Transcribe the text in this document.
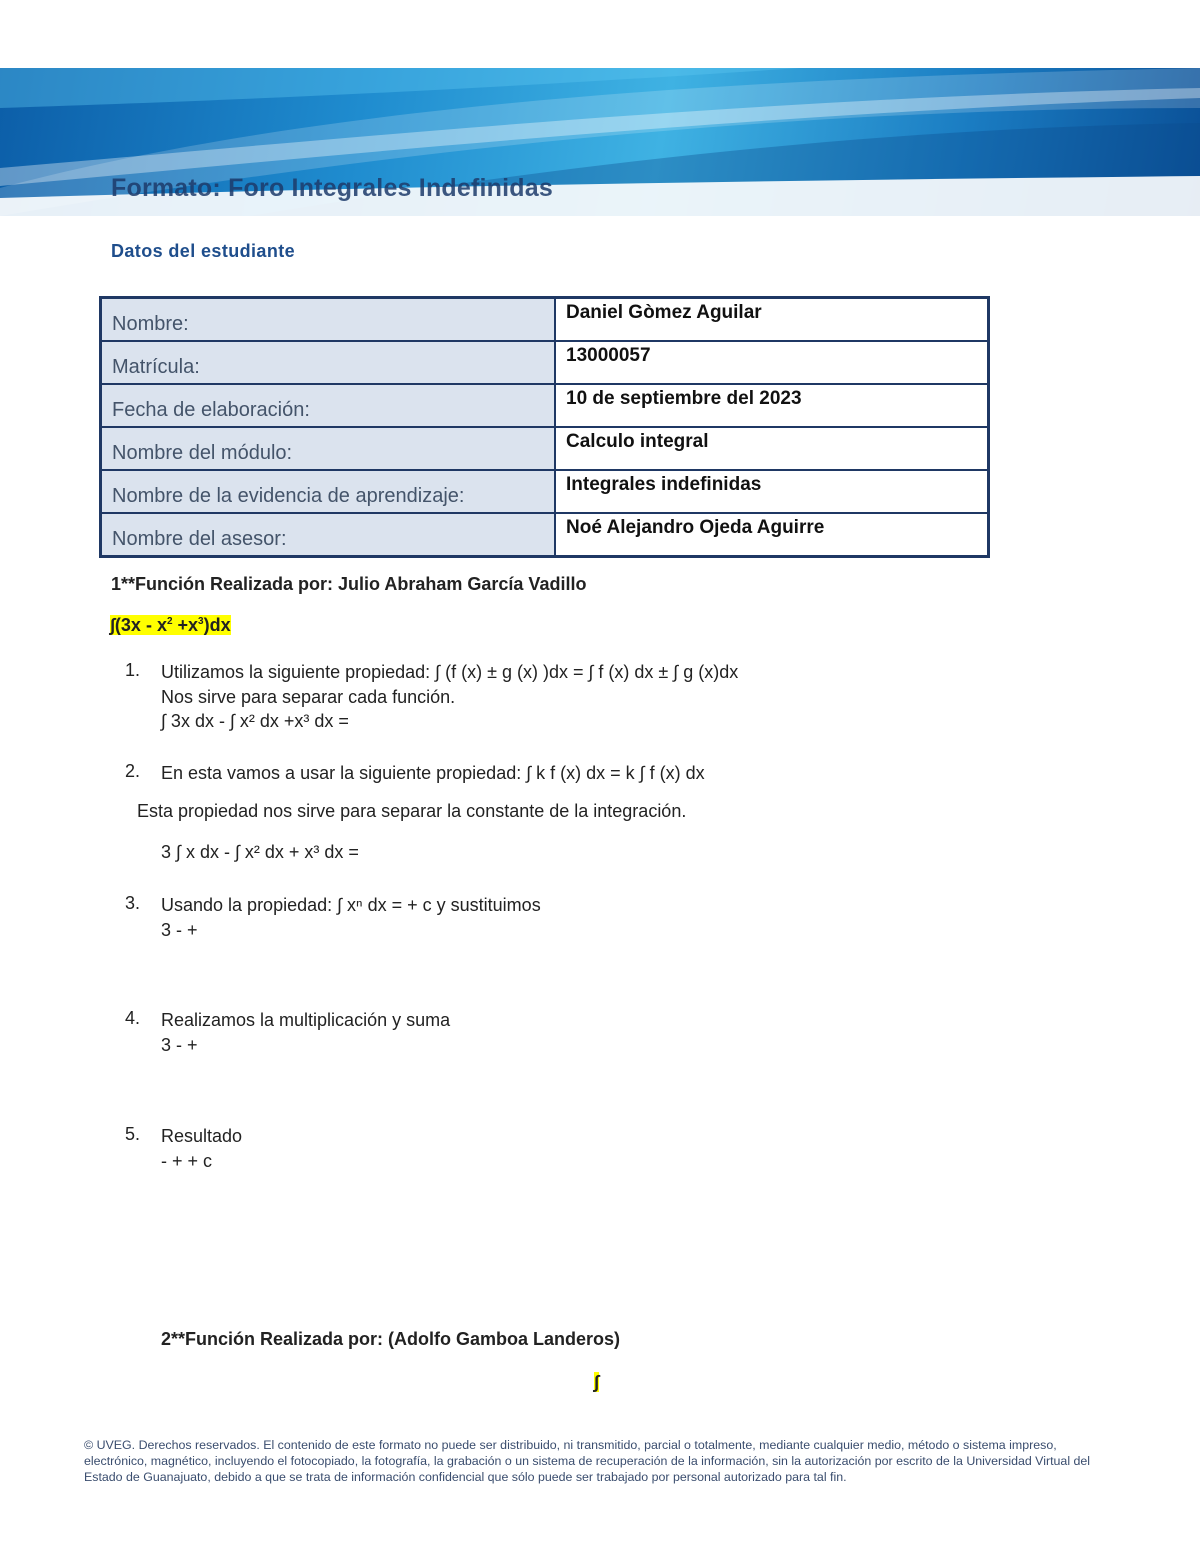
Formato: Foro Integrales Indefinidas
Datos del estudiante
Nombre:	Daniel Gòmez Aguilar
Matrícula:	13000057
Fecha de elaboración:	10 de septiembre del 2023
Nombre del módulo:	Calculo integral
Nombre de la evidencia de aprendizaje:	Integrales indefinidas
Nombre del asesor:	Noé Alejandro Ojeda Aguirre
1**Función Realizada por: Julio Abraham García Vadillo
$\int(3x - x^2 +x^3)dx$
1. Utilizamos la siguiente propiedad: ∫ (f (x) ± g (x) )dx = ∫ f (x) dx ± ∫ g (x)dx
Nos sirve para separar cada función.
∫ 3x dx - ∫ x² dx +x³ dx =
2. En esta vamos a usar la siguiente propiedad: ∫ k f (x) dx = k ∫ f (x) dx
3. Usando la propiedad: ∫ xⁿ dx = + c y sustituimos
3 - +
4. Realizamos la multiplicación y suma
3 - +
5. Resultado
- + + c
Esta propiedad nos sirve para separar la constante de la integración.
3 ∫ x dx - ∫ x² dx + x³ dx =
2**Función Realizada por: (Adolfo Gamboa Landeros)
∫
© UVEG. Derechos reservados. El contenido de este formato no puede ser distribuido, ni transmitido, parcial o totalmente, mediante cualquier medio, método o sistema impreso, electrónico, magnético, incluyendo el fotocopiado, la fotografía, la grabación o un sistema de recuperación de la información, sin la autorización por escrito de la Universidad Virtual del Estado de Guanajuato, debido a que se trata de información confidencial que sólo puede ser trabajado por personal autorizado para tal fin.
